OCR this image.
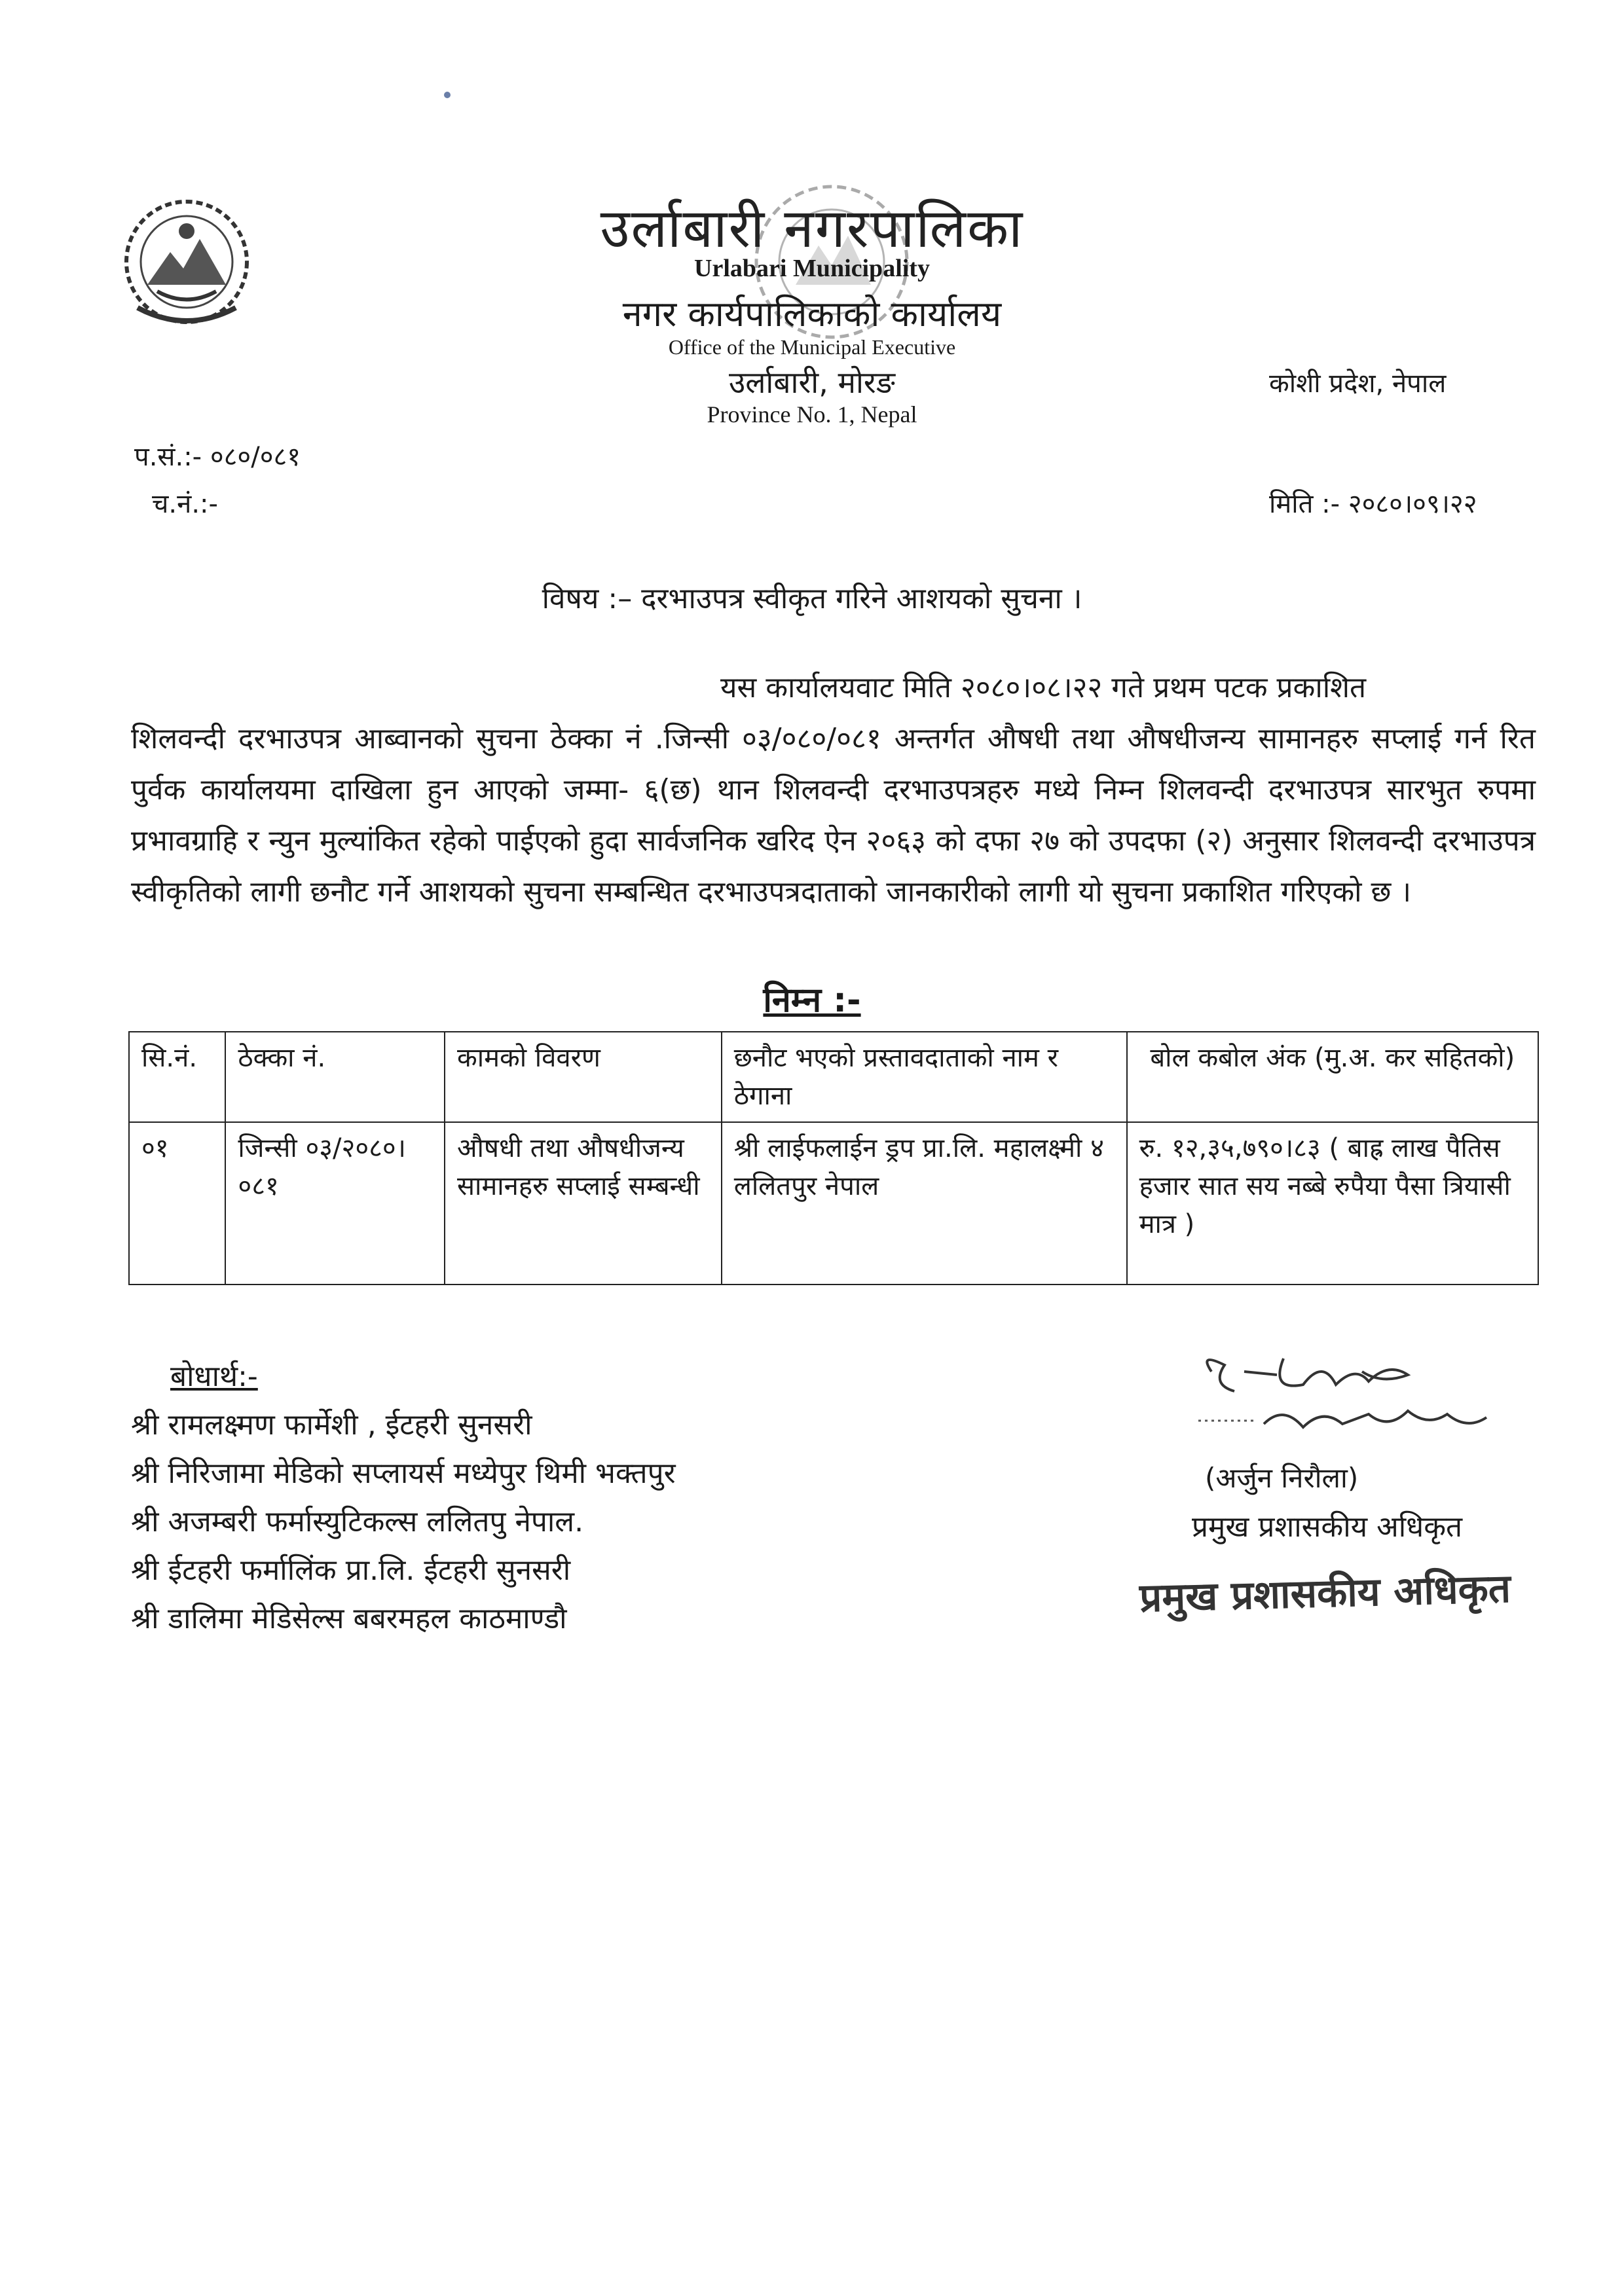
उर्लाबारी नगरपालिका
Urlabari Municipality
नगर कार्यपालिकाको कार्यालय
Office of the Municipal Executive
उर्लाबारी, मोरङ
Province No. 1, Nepal
कोशी प्रदेश, नेपाल
प.सं.:- ०८०/०८१
च.नं.:-	मिति :- २०८०।०९।२२
विषय :– दरभाउपत्र स्वीकृत गरिने आशयको सुचना ।
यस कार्यालयवाट मिति २०८०।०८।२२ गते प्रथम पटक प्रकाशित
शिलवन्दी दरभाउपत्र आब्वानको सुचना ठेक्का नं .जिन्सी ०३/०८०/०८१ अन्तर्गत औषधी तथा औषधीजन्य सामानहरु सप्लाई गर्न रित पुर्वक कार्यालयमा दाखिला हुन आएको जम्मा- ६(छ) थान शिलवन्दी दरभाउपत्रहरु मध्ये निम्न शिलवन्दी दरभाउपत्र सारभुत रुपमा प्रभावग्राहि र न्युन मुल्यांकित रहेको पाईएको हुदा सार्वजनिक खरिद ऐन २०६३ को दफा २७ को उपदफा (२) अनुसार शिलवन्दी दरभाउपत्र स्वीकृतिको लागी छनौट गर्ने आशयको सुचना सम्बन्धित दरभाउपत्रदाताको जानकारीको लागी यो सुचना प्रकाशित गरिएको छ ।
निम्न :-
सि.नं.	ठेक्का नं.	कामको विवरण	छनौट भएको प्रस्तावदाताको नाम र ठेगाना	बोल कबोल अंक (मु.अ. कर सहितको)
०१	जिन्सी ०३/२०८०।०८१	औषधी तथा औषधीजन्य सामानहरु सप्लाई सम्बन्धी	श्री लाईफलाईन ड्रप प्रा.लि. महालक्ष्मी ४ ललितपुर नेपाल	रु. १२,३५,७९०।८३ ( बाह्र लाख पैतिस हजार सात सय नब्बे रुपैया पैसा त्रियासी मात्र )
बोधार्थ:-
श्री रामलक्ष्मण फार्मेशी , ईटहरी सुनसरी
श्री निरिजामा मेडिको सप्लायर्स मध्येपुर थिमी भक्तपुर
श्री अजम्बरी फर्मास्युटिकल्स ललितपु नेपाल.
श्री ईटहरी फर्मालिंक प्रा.लि. ईटहरी सुनसरी
श्री डालिमा मेडिसेल्स बबरमहल काठमाण्डौ
(अर्जुन निरौला)
प्रमुख प्रशासकीय अधिकृत
प्रमुख प्रशासकीय अधिकृत
